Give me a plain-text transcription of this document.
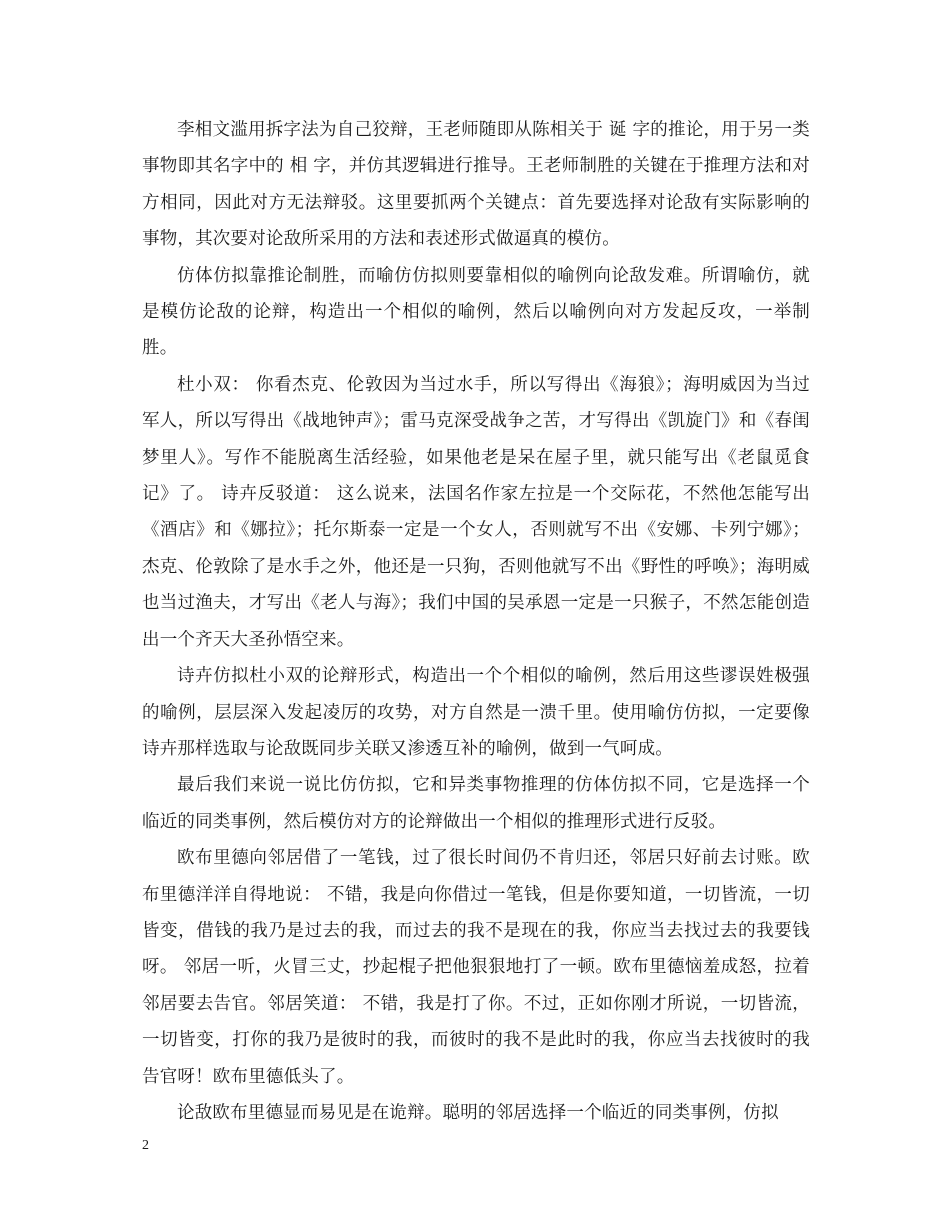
李相文滥用拆字法为自己狡辩，王老师随即从陈相关于 诞 字的推论，用于另一类事物即其名字中的 相 字，并仿其逻辑进行推导。王老师制胜的关键在于推理方法和对方相同，因此对方无法辩驳。这里要抓两个关键点：首先要选择对论敌有实际影响的事物，其次要对论敌所采用的方法和表述形式做逼真的模仿。

仿体仿拟靠推论制胜，而喻仿仿拟则要靠相似的喻例向论敌发难。所谓喻仿，就是模仿论敌的论辩，构造出一个相似的喻例，然后以喻例向对方发起反攻，一举制胜。

杜小双： 你看杰克、伦敦因为当过水手，所以写得出《海狼》；海明威因为当过军人，所以写得出《战地钟声》；雷马克深受战争之苦，才写得出《凯旋门》和《春闺梦里人》。写作不能脱离生活经验，如果他老是呆在屋子里，就只能写出《老鼠觅食记》了。 诗卉反驳道： 这么说来，法国名作家左拉是一个交际花，不然他怎能写出《酒店》和《娜拉》；托尔斯泰一定是一个女人，否则就写不出《安娜、卡列宁娜》；杰克、伦敦除了是水手之外，他还是一只狗，否则他就写不出《野性的呼唤》；海明威也当过渔夫，才写出《老人与海》；我们中国的吴承恩一定是一只猴子，不然怎能创造出一个齐天大圣孙悟空来。

诗卉仿拟杜小双的论辩形式，构造出一个个相似的喻例，然后用这些谬误姓极强的喻例，层层深入发起凌厉的攻势，对方自然是一溃千里。使用喻仿仿拟，一定要像诗卉那样选取与论敌既同步关联又渗透互补的喻例，做到一气呵成。

最后我们来说一说比仿仿拟，它和异类事物推理的仿体仿拟不同，它是选择一个临近的同类事例，然后模仿对方的论辩做出一个相似的推理形式进行反驳。

欧布里德向邻居借了一笔钱，过了很长时间仍不肯归还，邻居只好前去讨账。欧布里德洋洋自得地说： 不错，我是向你借过一笔钱，但是你要知道，一切皆流，一切皆变，借钱的我乃是过去的我，而过去的我不是现在的我，你应当去找过去的我要钱呀。 邻居一听，火冒三丈，抄起棍子把他狠狠地打了一顿。欧布里德恼羞成怒，拉着邻居要去告官。邻居笑道： 不错，我是打了你。不过，正如你刚才所说，一切皆流，一切皆变，打你的我乃是彼时的我，而彼时的我不是此时的我，你应当去找彼时的我告官呀！欧布里德低头了。

论敌欧布里德显而易见是在诡辩。聪明的邻居选择一个临近的同类事例，仿拟

2
